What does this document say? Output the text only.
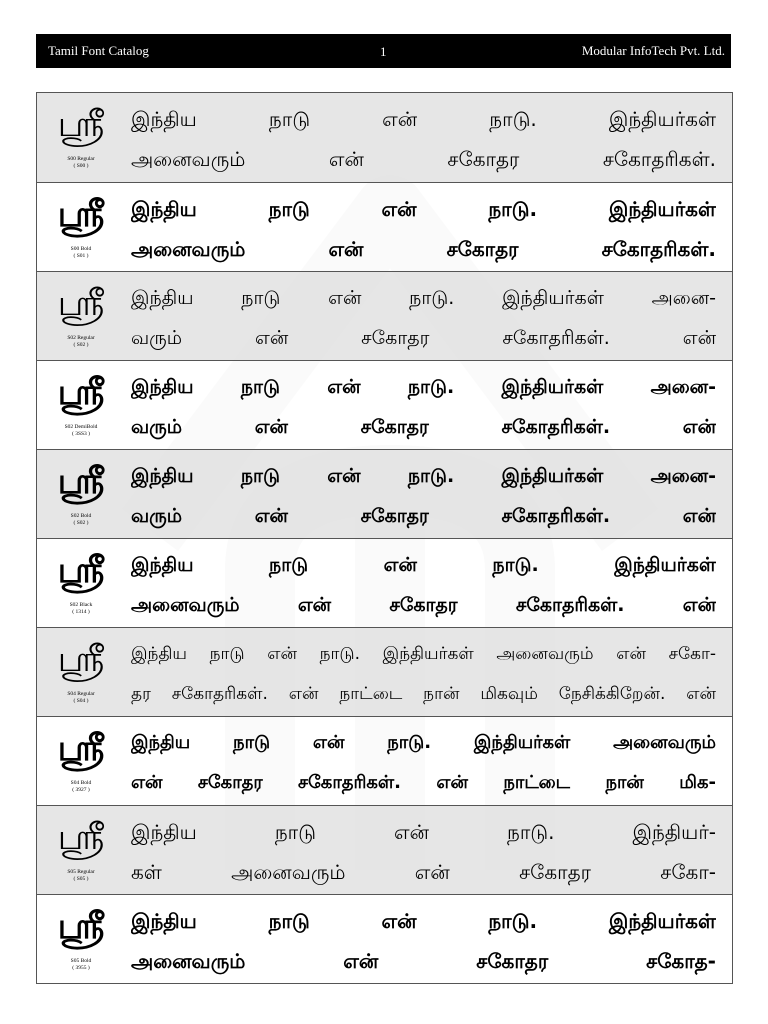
Tamil Font Catalog	1	Modular InfoTech Pvt. Ltd.
ஸ்ரீ
S00 Regular
( S00 )
இந்திய நாடு என் நாடு. இந்தியர்கள்
அனைவரும் என் சகோதர சகோதரிகள்.
ஸ்ரீ
S00 Bold
( S01 )
இந்திய நாடு என் நாடு. இந்தியர்கள்
அனைவரும் என் சகோதர சகோதரிகள்.
ஸ்ரீ
S02 Regular
( S02 )
இந்திய நாடு என் நாடு. இந்தியர்கள் அனை-
வரும் என் சகோதர சகோதரிகள். என்
ஸ்ரீ
S02 DemiBold
( 3SS3 )
இந்திய நாடு என் நாடு. இந்தியர்கள் அனை-
வரும் என் சகோதர சகோதரிகள். என்
ஸ்ரீ
S02 Bold
( S02 )
இந்திய நாடு என் நாடு. இந்தியர்கள் அனை-
வரும் என் சகோதர சகோதரிகள். என்
ஸ்ரீ
S02 Black
( 1314 )
இந்திய நாடு என் நாடு. இந்தியர்கள்
அனைவரும் என் சகோதர சகோதரிகள். என்
ஸ்ரீ
S04 Regular
( S04 )
இந்திய நாடு என் நாடு. இந்தியர்கள் அனைவரும் என் சகோ-
தர சகோதரிகள். என் நாட்டை நான் மிகவும் நேசிக்கிறேன். என்
ஸ்ரீ
S04 Bold
( 3927 )
இந்திய நாடு என் நாடு. இந்தியர்கள் அனைவரும்
என் சகோதர சகோதரிகள். என் நாட்டை நான் மிக-
ஸ்ரீ
S05 Regular
( S05 )
இந்திய நாடு என் நாடு. இந்தியர்-
கள் அனைவரும் என் சகோதர சகோ-
ஸ்ரீ
S05 Bold
( 3955 )
இந்திய நாடு என் நாடு. இந்தியர்கள்
அனைவரும் என் சகோதர சகோத-
